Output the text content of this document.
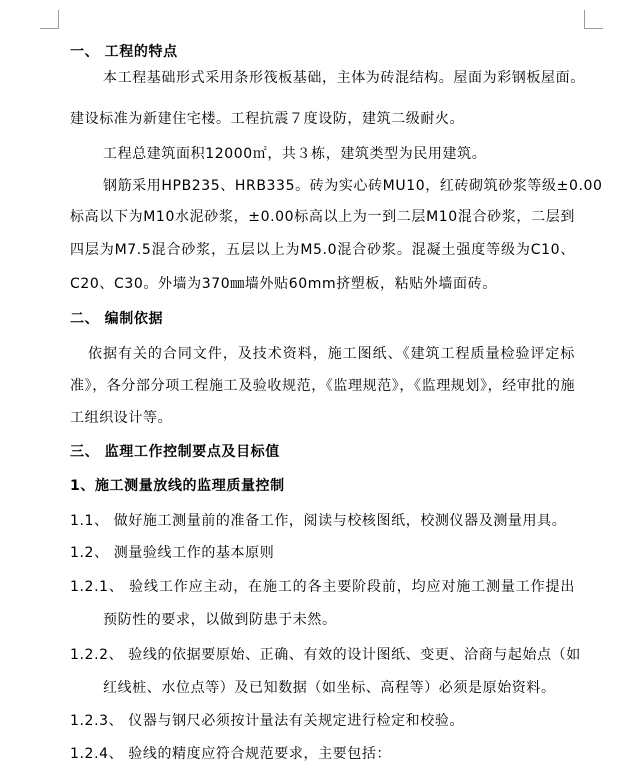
一、 工程的特点
本工程基础形式采用条形筏板基础，主体为砖混结构。屋面为彩钢板屋面。
建设标准为新建住宅楼。工程抗震７度设防，建筑二级耐火。
工程总建筑面积12000㎡，共３栋，建筑类型为民用建筑。
钢筋采用HPB235、HRB335。砖为实心砖MU10，红砖砌筑砂浆等级±0.00
标高以下为M10水泥砂浆，±0.00标高以上为一到二层M10混合砂浆，二层到
四层为M7.5混合砂浆，五层以上为M5.0混合砂浆。混凝土强度等级为C10、
C20、C30。外墙为370㎜墙外贴60mm挤塑板，粘贴外墙面砖。
二、 编制依据
依据有关的合同文件，及技术资料，施工图纸、《建筑工程质量检验评定标
准》，各分部分项工程施工及验收规范，《监理规范》，《监理规划》，经审批的施
工组织设计等。
三、 监理工作控制要点及目标值
1、施工测量放线的监理质量控制
1.1、 做好施工测量前的准备工作，阅读与校核图纸，校测仪器及测量用具。
1.2、 测量验线工作的基本原则
1.2.1、 验线工作应主动，在施工的各主要阶段前，均应对施工测量工作提出
预防性的要求，以做到防患于未然。
1.2.2、 验线的依据要原始、正确、有效的设计图纸、变更、洽商与起始点（如
红线桩、水位点等）及已知数据（如坐标、高程等）必须是原始资料。
1.2.3、 仪器与钢尺必须按计量法有关规定进行检定和校验。
1.2.4、 验线的精度应符合规范要求，主要包括：
